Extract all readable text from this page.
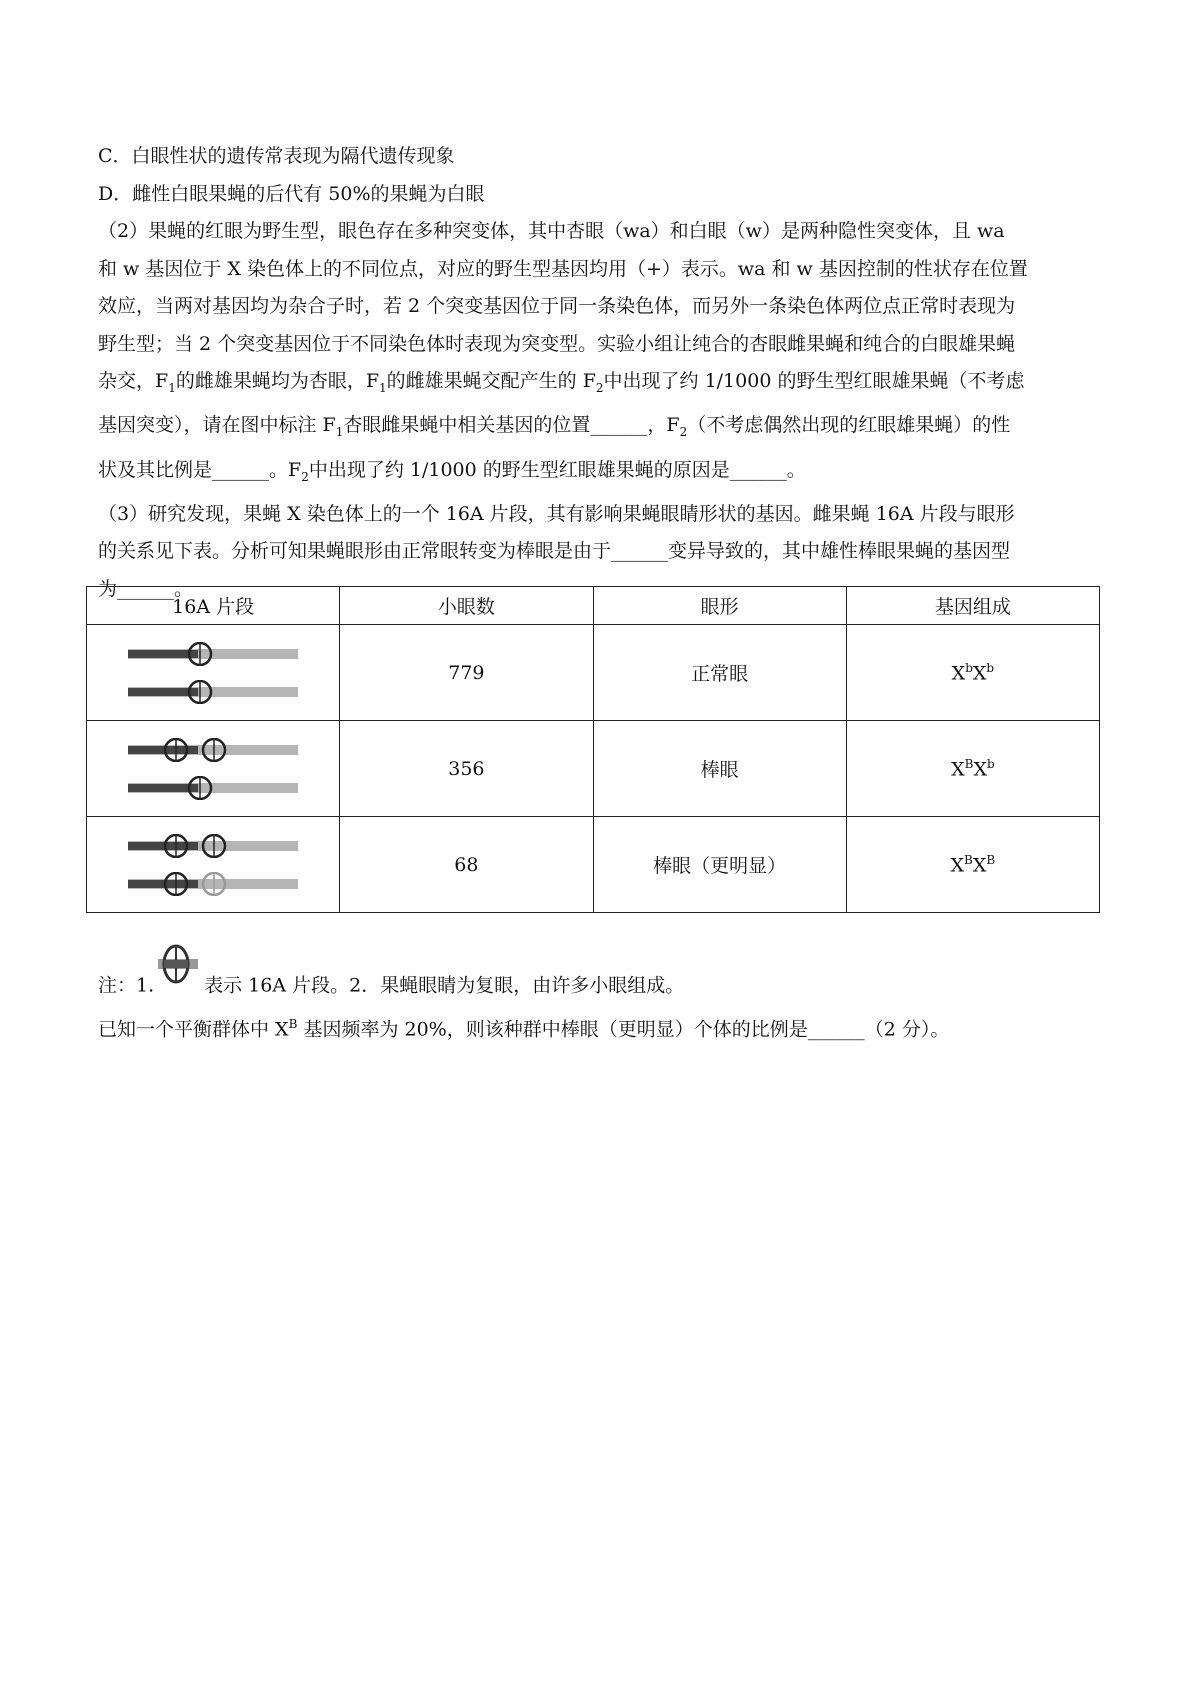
C．白眼性状的遗传常表现为隔代遗传现象
D．雌性白眼果蝇的后代有 50%的果蝇为白眼
（2）果蝇的红眼为野生型，眼色存在多种突变体，其中杏眼（wa）和白眼（w）是两种隐性突变体，且 wa
和 w 基因位于 X 染色体上的不同位点，对应的野生型基因均用（+）表示。wa 和 w 基因控制的性状存在位置
效应，当两对基因均为杂合子时，若 2 个突变基因位于同一条染色体，而另外一条染色体两位点正常时表现为
野生型；当 2 个突变基因位于不同染色体时表现为突变型。实验小组让纯合的杏眼雌果蝇和纯合的白眼雄果蝇
杂交，$F_1$的雌雄果蝇均为杏眼，$F_1$的雌雄果蝇交配产生的 $F_2$中出现了约 1/1000 的野生型红眼雄果蝇（不考虑
基因突变），请在图中标注 $F_1$杏眼雌果蝇中相关基因的位置______，$F_2$（不考虑偶然出现的红眼雄果蝇）的性
状及其比例是______。$F_2$中出现了约 1/1000 的野生型红眼雄果蝇的原因是______。
（3）研究发现，果蝇 X 染色体上的一个 16A 片段，其有影响果蝇眼睛形状的基因。雌果蝇 16A 片段与眼形
的关系见下表。分析可知果蝇眼形由正常眼转变为棒眼是由于______变异导致的，其中雄性棒眼果蝇的基因型
为______。
16A 片段	小眼数	眼形	基因组成

	779	正常眼	$X^bX^b$

	356	棒眼	$X^BX^b$

	68	棒眼（更明显）	$X^BX^B$
注：1.	表示 16A 片段。2．果蝇眼睛为复眼，由许多小眼组成。
已知一个平衡群体中 $X^B$ 基因频率为 20%，则该种群中棒眼（更明显）个体的比例是______（2 分）。
